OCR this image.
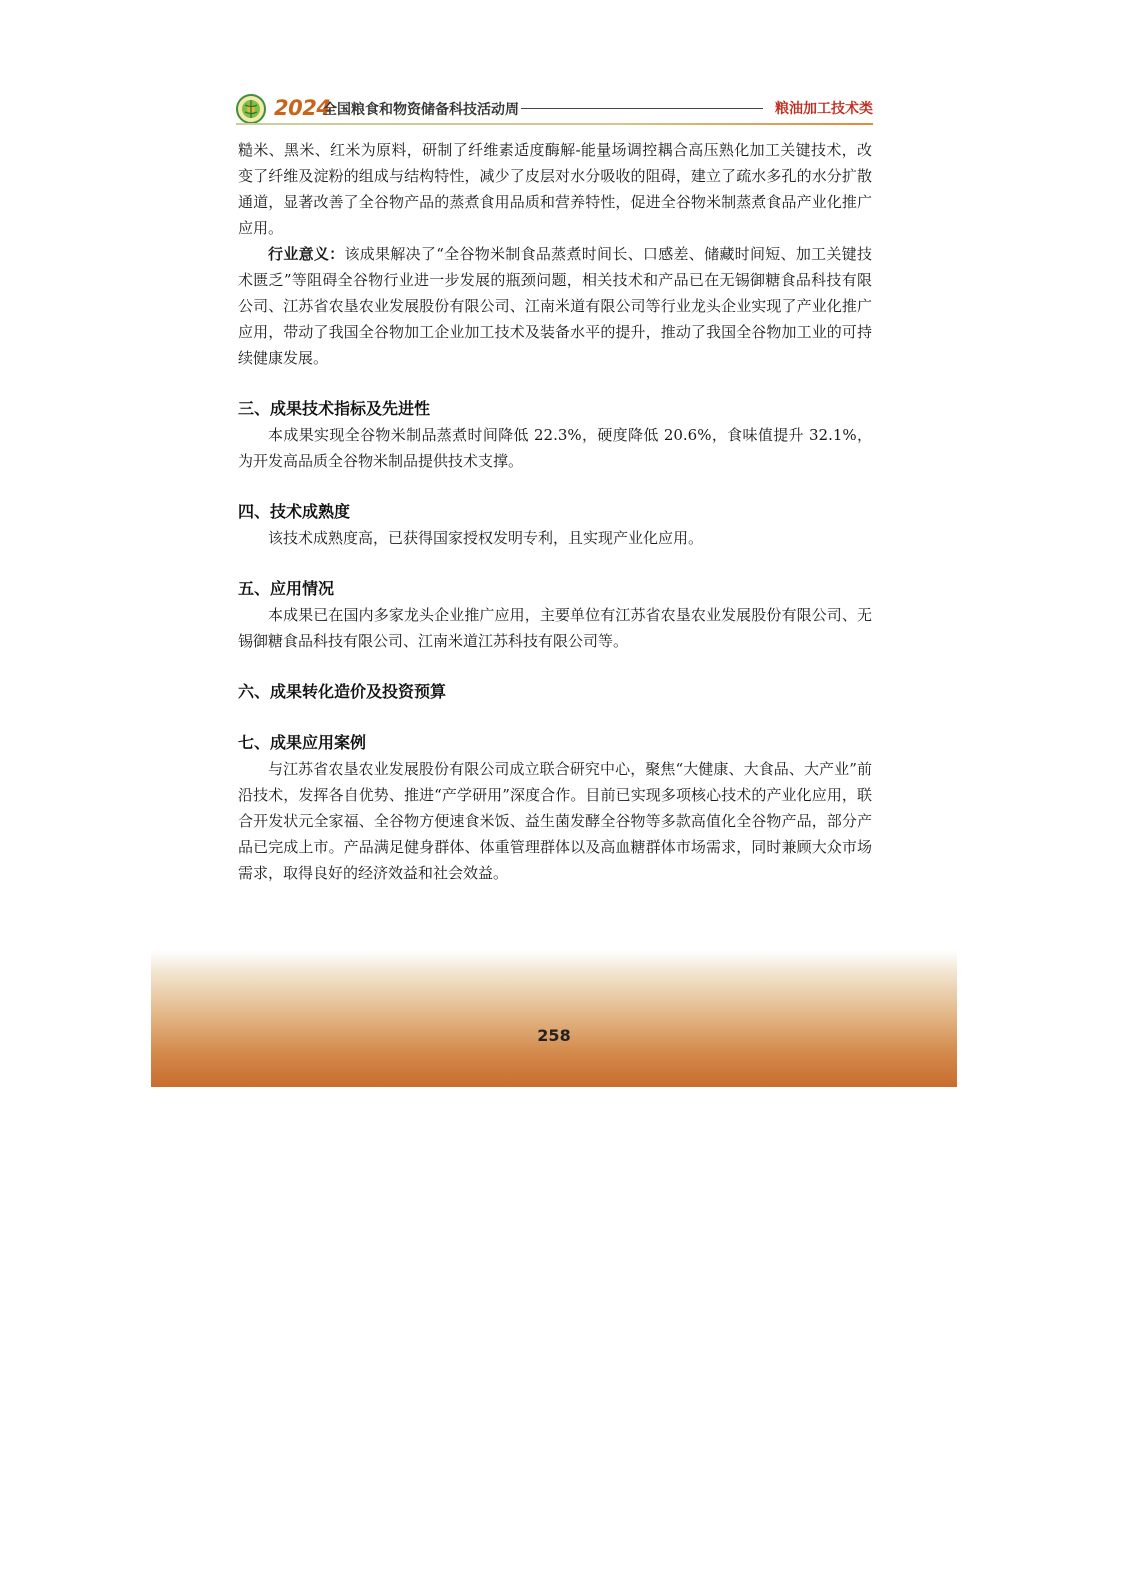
2024
全国粮食和物资储备科技活动周	粮油加工技术类

糙米、黑米、红米为原料，研制了纤维素适度酶解-能量场调控耦合高压熟化加工关键技术，改变了纤维及淀粉的组成与结构特性，减少了皮层对水分吸收的阻碍，建立了疏水多孔的水分扩散通道，显著改善了全谷物产品的蒸煮食用品质和营养特性，促进全谷物米制蒸煮食品产业化推广应用。

行业意义：该成果解决了“全谷物米制食品蒸煮时间长、口感差、储藏时间短、加工关键技术匮乏”等阻碍全谷物行业进一步发展的瓶颈问题，相关技术和产品已在无锡御糖食品科技有限公司、江苏省农垦农业发展股份有限公司、江南米道有限公司等行业龙头企业实现了产业化推广应用，带动了我国全谷物加工企业加工技术及装备水平的提升，推动了我国全谷物加工业的可持续健康发展。

三、成果技术指标及先进性

本成果实现全谷物米制品蒸煮时间降低 22.3%，硬度降低 20.6%，食味值提升 32.1%，为开发高品质全谷物米制品提供技术支撑。

四、技术成熟度

该技术成熟度高，已获得国家授权发明专利，且实现产业化应用。

五、应用情况

本成果已在国内多家龙头企业推广应用，主要单位有江苏省农垦农业发展股份有限公司、无锡御糖食品科技有限公司、江南米道江苏科技有限公司等。

六、成果转化造价及投资预算
七、成果应用案例

与江苏省农垦农业发展股份有限公司成立联合研究中心，聚焦“大健康、大食品、大产业”前沿技术，发挥各自优势、推进“产学研用”深度合作。目前已实现多项核心技术的产业化应用，联合开发状元全家福、全谷物方便速食米饭、益生菌发酵全谷物等多款高值化全谷物产品，部分产品已完成上市。产品满足健身群体、体重管理群体以及高血糖群体市场需求，同时兼顾大众市场需求，取得良好的经济效益和社会效益。

258
